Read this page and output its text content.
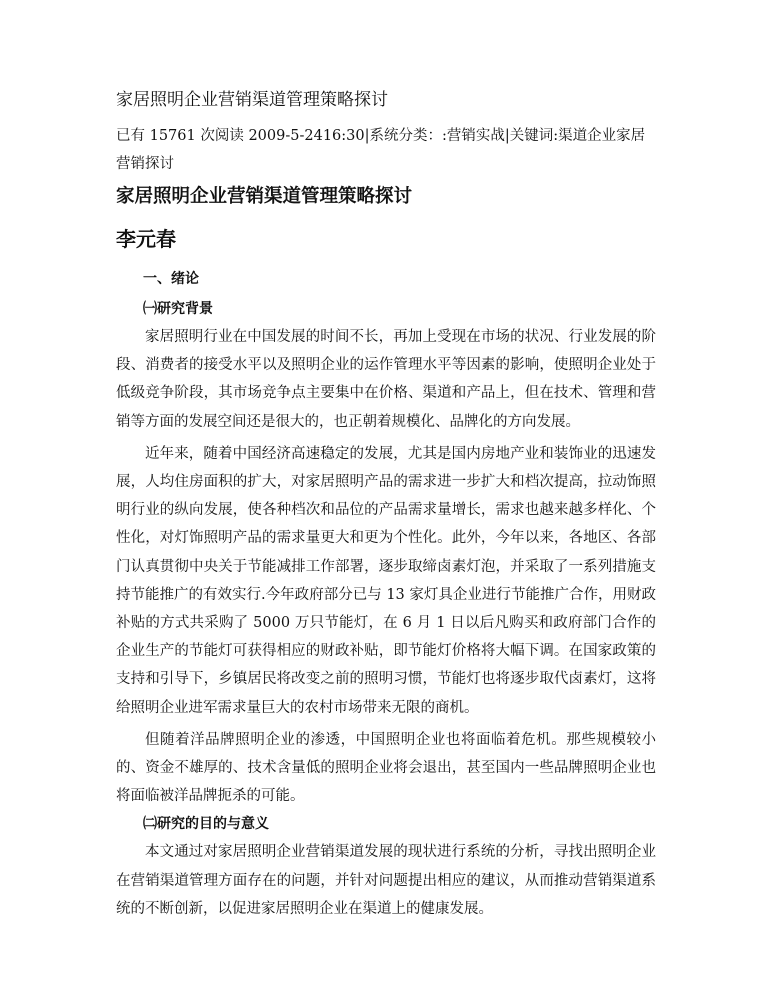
家居照明企业营销渠道管理策略探讨
已有 15761 次阅读 2009-5-2416:30|系统分类：:营销实战|关键词:渠道企业家居营销探讨
家居照明企业营销渠道管理策略探讨
李元春
一、绪论
㈠研究背景

家居照明行业在中国发展的时间不长，再加上受现在市场的状况、行业发展的阶段、消费者的接受水平以及照明企业的运作管理水平等因素的影响，使照明企业处于低级竞争阶段，其市场竞争点主要集中在价格、渠道和产品上，但在技术、管理和营销等方面的发展空间还是很大的，也正朝着规模化、品牌化的方向发展。

近年来，随着中国经济高速稳定的发展，尤其是国内房地产业和装饰业的迅速发展，人均住房面积的扩大，对家居照明产品的需求进一步扩大和档次提高，拉动饰照明行业的纵向发展，使各种档次和品位的产品需求量增长，需求也越来越多样化、个性化，对灯饰照明产品的需求量更大和更为个性化。此外，今年以来，各地区、各部门认真贯彻中央关于节能减排工作部署，逐步取缔卤素灯泡，并采取了一系列措施支持节能推广的有效实行.今年政府部分已与 13 家灯具企业进行节能推广合作，用财政补贴的方式共采购了 5000 万只节能灯，在 6 月 1 日以后凡购买和政府部门合作的企业生产的节能灯可获得相应的财政补贴，即节能灯价格将大幅下调。在国家政策的支持和引导下，乡镇居民将改变之前的照明习惯，节能灯也将逐步取代卤素灯，这将给照明企业进军需求量巨大的农村市场带来无限的商机。

但随着洋品牌照明企业的渗透，中国照明企业也将面临着危机。那些规模较小的、资金不雄厚的、技术含量低的照明企业将会退出，甚至国内一些品牌照明企业也将面临被洋品牌扼杀的可能。

㈡研究的目的与意义

本文通过对家居照明企业营销渠道发展的现状进行系统的分析，寻找出照明企业在营销渠道管理方面存在的问题，并针对问题提出相应的建议，从而推动营销渠道系统的不断创新，以促进家居照明企业在渠道上的健康发展。
